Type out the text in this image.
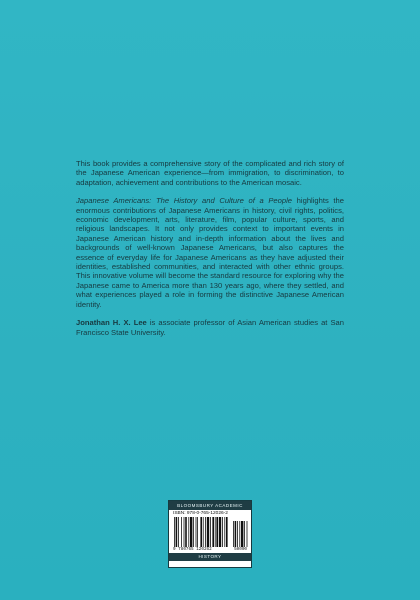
This book provides a comprehensive story of the complicated and rich story of the Japanese American experience—from immigration, to discrimination, to adaptation, achievement and contributions to the American mosaic.

Japanese Americans: The History and Culture of a People highlights the enormous contributions of Japanese Americans in history, civil rights, politics, economic development, arts, literature, film, popular culture, sports, and religious landscapes. It not only provides context to important events in Japanese American history and in-depth information about the lives and backgrounds of well-known Japanese Americans, but also captures the essence of everyday life for Japanese Americans as they have adjusted their identities, established communities, and interacted with other ethnic groups. This innovative volume will become the standard resource for exploring why the Japanese came to America more than 130 years ago, where they settled, and what experiences played a role in forming the distinctive Japanese American identity.

Jonathan H. X. Lee is associate professor of Asian American studies at San Francisco State University.

BLOOMSBURY ACADEMIC
ISBN: 978-0-765-12026-2
9 780765 120262	50000
HISTORY
